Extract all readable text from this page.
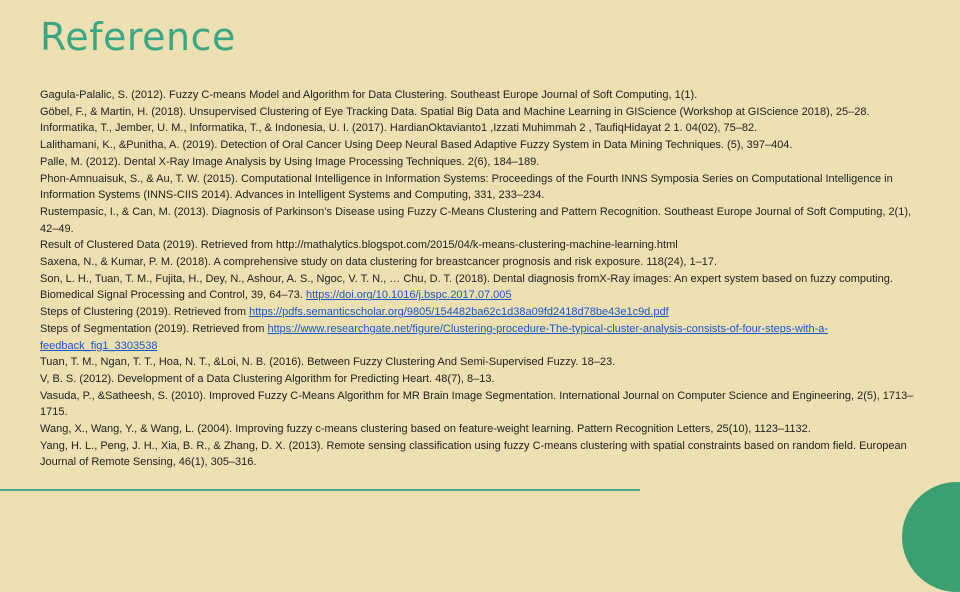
Reference
Gagula-Palalic, S. (2012). Fuzzy C-means Model and Algorithm for Data Clustering. Southeast Europe Journal of Soft Computing, 1(1).
Göbel, F., & Martin, H. (2018). Unsupervised Clustering of Eye Tracking Data. Spatial Big Data and Machine Learning in GIScience (Workshop at GIScience 2018), 25–28.
Informatika, T., Jember, U. M., Informatika, T., & Indonesia, U. I. (2017). HardianOktavianto1 ,Izzati Muhimmah 2 , TaufiqHidayat 2 1. 04(02), 75–82.
Lalithamani, K., &Punitha, A. (2019). Detection of Oral Cancer Using Deep Neural Based Adaptive Fuzzy System in Data Mining Techniques. (5), 397–404.
Palle, M. (2012). Dental X-Ray Image Analysis by Using Image Processing Techniques. 2(6), 184–189.
Phon-Amnuaisuk, S., & Au, T. W. (2015). Computational Intelligence in Information Systems: Proceedings of the Fourth INNS Symposia Series on Computational Intelligence in Information Systems (INNS-CIIS 2014). Advances in Intelligent Systems and Computing, 331, 233–234.
Rustempasic, I., & Can, M. (2013). Diagnosis of Parkinson’s Disease using Fuzzy C-Means Clustering and Pattern Recognition. Southeast Europe Journal of Soft Computing, 2(1), 42–49.
Result of Clustered Data (2019). Retrieved from http://mathalytics.blogspot.com/2015/04/k-means-clustering-machine-learning.html
Saxena, N., & Kumar, P. M. (2018). A comprehensive study on data clustering for breastcancer prognosis and risk exposure. 118(24), 1–17.
Son, L. H., Tuan, T. M., Fujita, H., Dey, N., Ashour, A. S., Ngoc, V. T. N., … Chu, D. T. (2018). Dental diagnosis fromX-Ray images: An expert system based on fuzzy computing. Biomedical Signal Processing and Control, 39, 64–73. https://doi.org/10.1016/j.bspc.2017.07.005
Steps of Clustering (2019). Retrieved from https://pdfs.semanticscholar.org/9805/154482ba62c1d38a09fd2418d78be43e1c9d.pdf
Steps of Segmentation (2019). Retrieved from https://www.researchgate.net/figure/Clustering-procedure-The-typical-cluster-analysis-consists-of-four-steps-with-a-feedback_fig1_3303538
Tuan, T. M., Ngan, T. T., Hoa, N. T., &Loi, N. B. (2016). Between Fuzzy Clustering And Semi-Supervised Fuzzy. 18–23.
V, B. S. (2012). Development of a Data Clustering Algorithm for Predicting Heart. 48(7), 8–13.
Vasuda, P., &Satheesh, S. (2010). Improved Fuzzy C-Means Algorithm for MR Brain Image Segmentation. International Journal on Computer Science and Engineering, 2(5), 1713–1715.
Wang, X., Wang, Y., & Wang, L. (2004). Improving fuzzy c-means clustering based on feature-weight learning. Pattern Recognition Letters, 25(10), 1123–1132.
Yang, H. L., Peng, J. H., Xia, B. R., & Zhang, D. X. (2013). Remote sensing classification using fuzzy C-means clustering with spatial constraints based on random field. European Journal of Remote Sensing, 46(1), 305–316.
